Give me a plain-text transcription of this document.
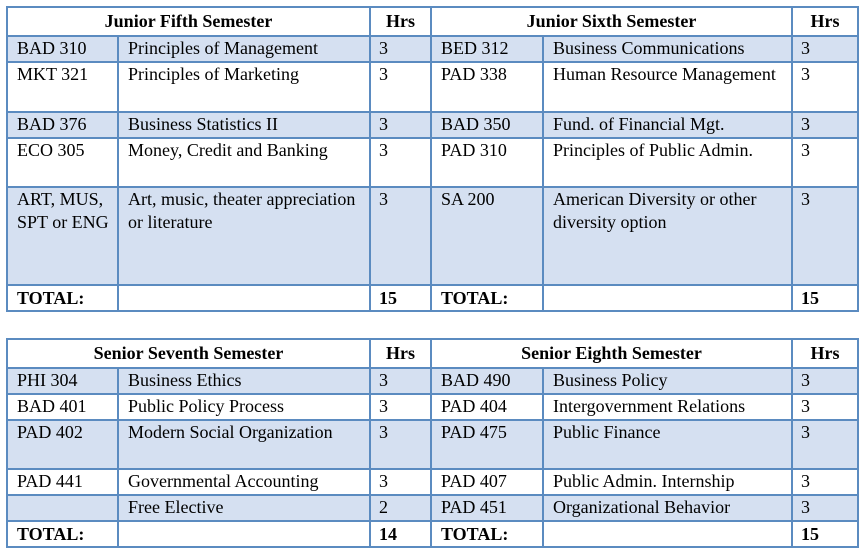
Junior Fifth Semester		Hrs	Junior Sixth Semester		Hrs
BAD 310	Principles of Management	3	BED 312	Business Communications	3
MKT 321	Principles of Marketing	3	PAD 338	Human Resource Management	3
BAD 376	Business Statistics II	3	BAD 350	Fund. of Financial Mgt.	3
ECO 305	Money, Credit and Banking	3	PAD 310	Principles of Public Admin.	3
ART, MUS, SPT or ENG	Art, music, theater appreciation or literature	3	SA 200	American Diversity or other diversity option	3
TOTAL:		15	TOTAL:		15
Senior Seventh Semester		Hrs	Senior Eighth Semester		Hrs
PHI 304	Business Ethics	3	BAD 490	Business Policy	3
BAD 401	Public Policy Process	3	PAD 404	Intergovernment Relations	3
PAD 402	Modern Social Organization	3	PAD 475	Public Finance	3
PAD 441	Governmental Accounting	3	PAD 407	Public Admin. Internship	3
	Free Elective	2	PAD 451	Organizational Behavior	3
TOTAL:		14	TOTAL:		15
